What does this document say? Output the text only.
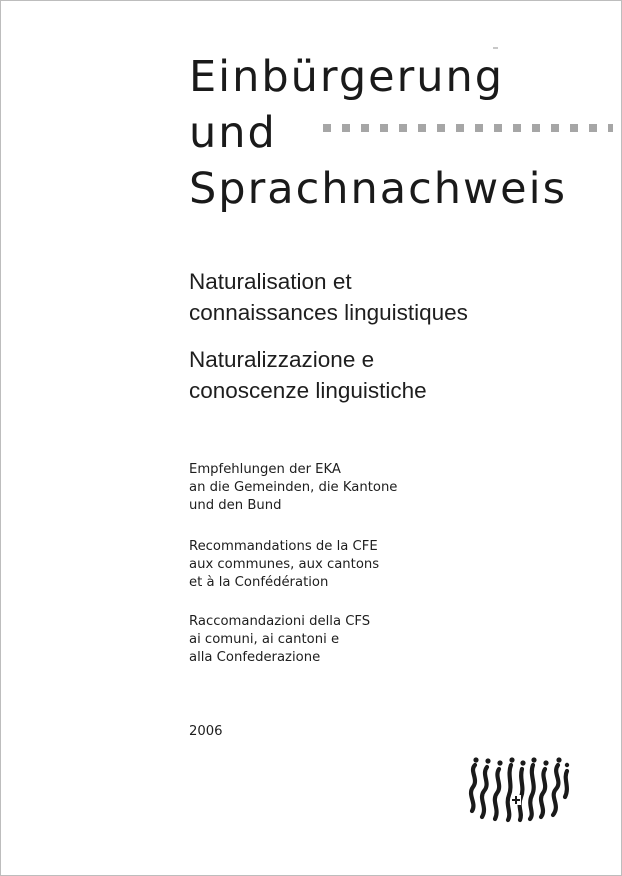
Einbürgerung
und
Sprachnachweis
Naturalisation et
connaissances linguistiques
Naturalizzazione e
conoscenze linguistiche
Empfehlungen der EKA
an die Gemeinden, die Kantone
und den Bund
Recommandations de la CFE
aux communes, aux cantons
et à la Confédération
Raccomandazioni della CFS
ai comuni, ai cantoni e
alla Confederazione
2006
